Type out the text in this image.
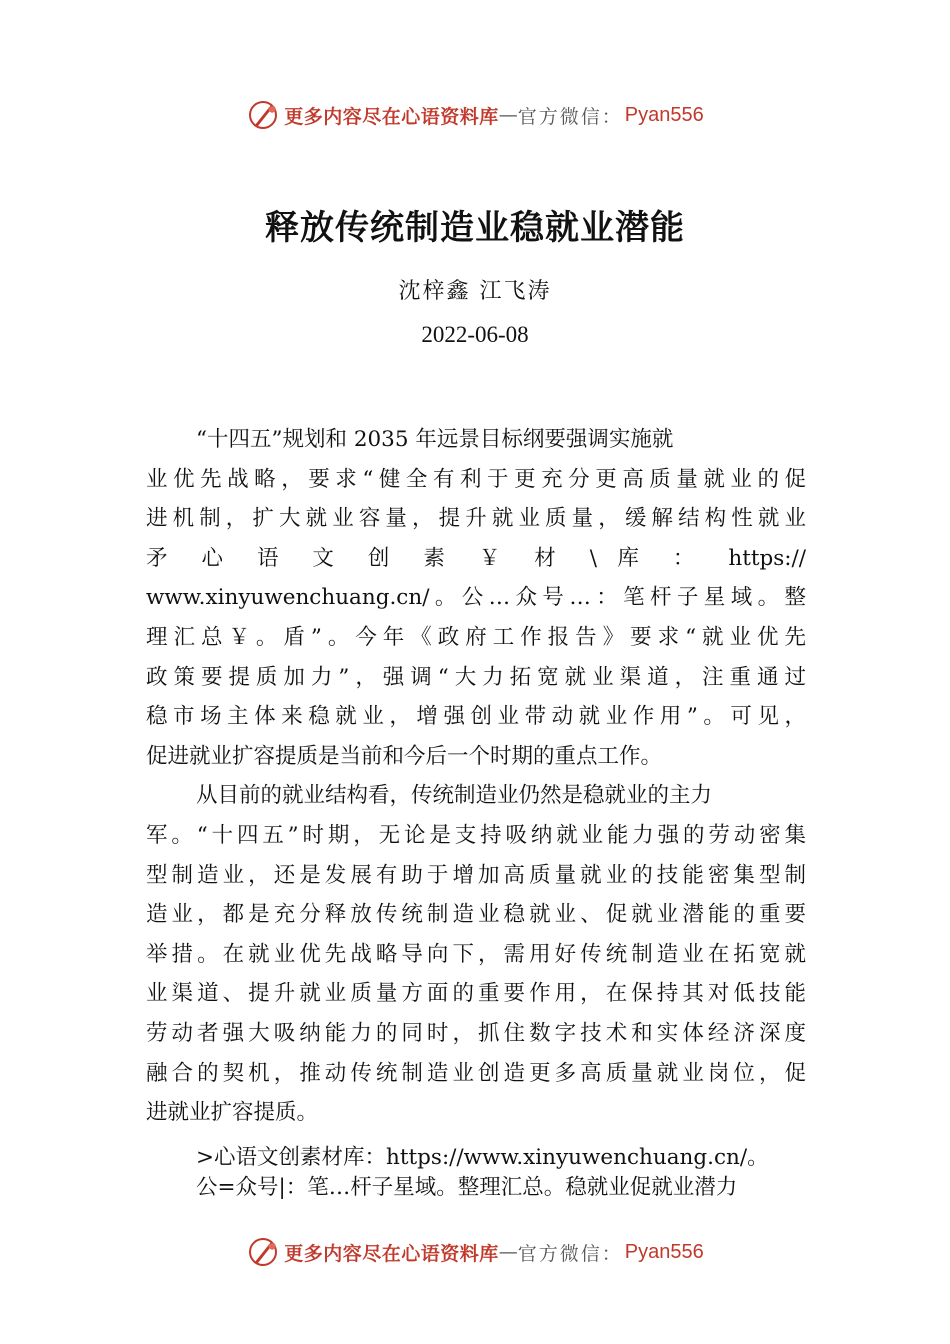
更多内容尽在心语资料库 — 官方微信： Pyan556
释放传统制造业稳就业潜能
沈梓鑫 江飞涛
2022-06-08
“十四五”规划和 2035 年远景目标纲要强调实施就
业优先战略，要求“健全有利于更充分更高质量就业的促
进机制，扩大就业容量，提升就业质量，缓解结构性就业
矛 心 语 文 创 素 ￥ 材 \ 库 ： https://
www.xinyuwenchuang.cn/。公…众号…：笔杆子星域。整
理汇总￥。盾”。今年《政府工作报告》要求“就业优先
政策要提质加力”，强调“大力拓宽就业渠道，注重通过
稳市场主体来稳就业，增强创业带动就业作用”。可见，
促进就业扩容提质是当前和今后一个时期的重点工作。
从目前的就业结构看，传统制造业仍然是稳就业的主力
军。“十四五”时期，无论是支持吸纳就业能力强的劳动密集
型制造业，还是发展有助于增加高质量就业的技能密集型制
造业，都是充分释放传统制造业稳就业、促就业潜能的重要
举措。在就业优先战略导向下，需用好传统制造业在拓宽就
业渠道、提升就业质量方面的重要作用，在保持其对低技能
劳动者强大吸纳能力的同时，抓住数字技术和实体经济深度
融合的契机，推动传统制造业创造更多高质量就业岗位，促
进就业扩容提质。
>心语文创素材库：https://www.xinyuwenchuang.cn/。
公=众号|：笔…杆子星域。整理汇总。稳就业促就业潜力
更多内容尽在心语资料库 — 官方微信： Pyan556
